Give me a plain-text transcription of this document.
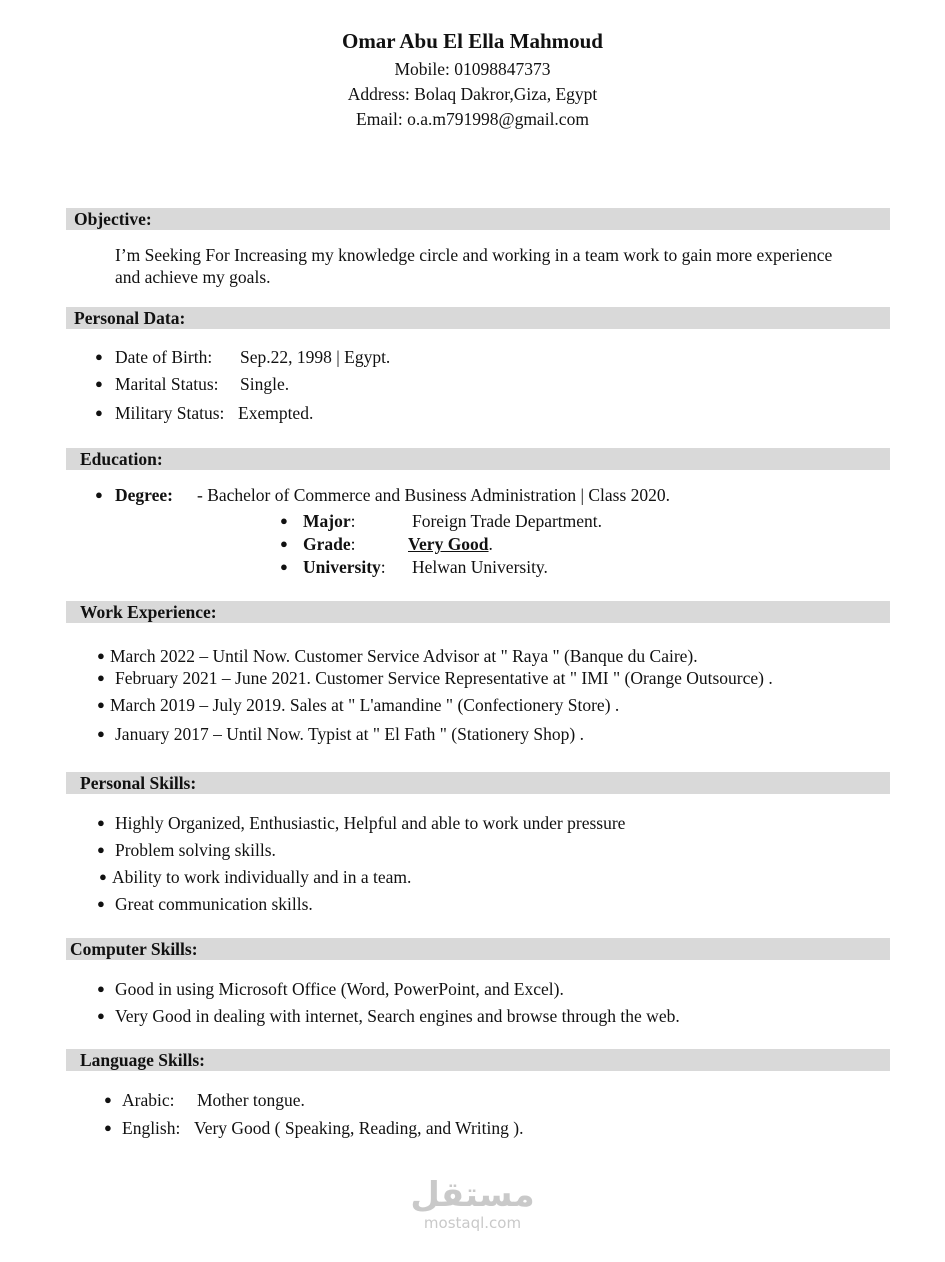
Omar Abu El Ella Mahmoud
Mobile: 01098847373
Address: Bolaq Dakror,Giza, Egypt
Email: o.a.m791998@gmail.com
Objective:
I’m Seeking For Increasing my knowledge circle and working in a team work to gain more experience
and achieve my goals.
Personal Data:
● Date of Birth: Sep.22, 1998 | Egypt.
● Marital Status: Single.
● Military Status: Exempted.
Education:
● Degree: - Bachelor of Commerce and Business Administration | Class 2020.
● Major:	Foreign Trade Department.
● Grade:	Very Good.
● University: Helwan University.
Work Experience:
● March 2022 – Until Now. Customer Service Advisor at " Raya " (Banque du Caire).
● February 2021 – June 2021. Customer Service Representative at " IMI " (Orange Outsource) .
● March 2019 – July 2019. Sales at " L'amandine " (Confectionery Store) .
● January 2017 – Until Now. Typist at " El Fath " (Stationery Shop) .
Personal Skills:
● Highly Organized, Enthusiastic, Helpful and able to work under pressure
● Problem solving skills.
● Ability to work individually and in a team.
● Great communication skills.
Computer Skills:
● Good in using Microsoft Office (Word, PowerPoint, and Excel).
● Very Good in dealing with internet, Search engines and browse through the web.
Language Skills:
● Arabic: Mother tongue.
● English: Very Good ( Speaking, Reading, and Writing ).
مستقل
mostaql.com
